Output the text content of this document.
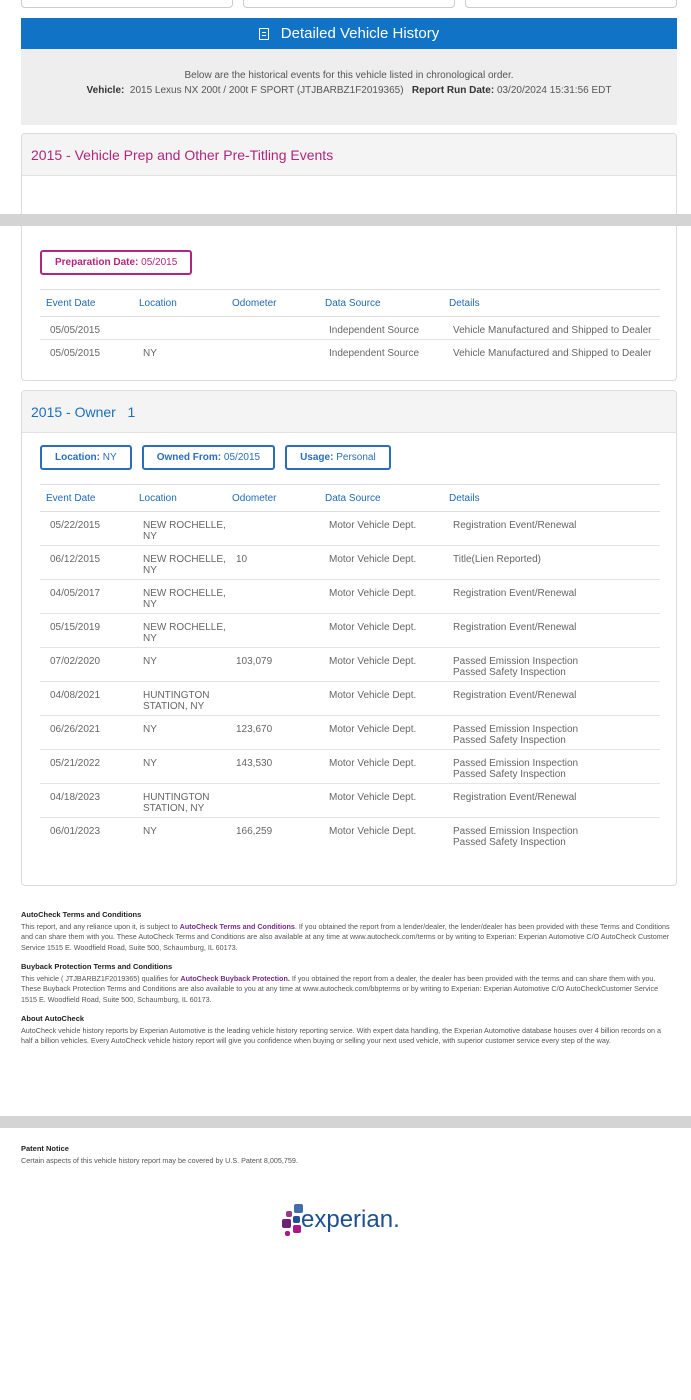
Detailed Vehicle History
Below are the historical events for this vehicle listed in chronological order.
Vehicle: 2015 Lexus NX 200t / 200t F SPORT (JTJBARBZ1F2019365) Report Run Date: 03/20/2024 15:31:56 EDT
2015 - Vehicle Prep and Other Pre-Titling Events
Preparation Date: 05/2015
Event Date	Location	Odometer	Data Source	Details
05/05/2015			Independent Source	Vehicle Manufactured and Shipped to Dealer
05/05/2015	NY		Independent Source	Vehicle Manufactured and Shipped to Dealer
2015 - Owner
1
Location: NY	Owned From: 05/2015	Usage: Personal
Event Date	Location	Odometer	Data Source	Details
05/22/2015	NEW ROCHELLE, NY		Motor Vehicle Dept.	Registration Event/Renewal

06/12/2015	NEW ROCHELLE, NY	10	Motor Vehicle Dept.	Title(Lien Reported)

04/05/2017	NEW ROCHELLE, NY		Motor Vehicle Dept.	Registration Event/Renewal

05/15/2019	NEW ROCHELLE, NY		Motor Vehicle Dept.	Registration Event/Renewal

07/02/2020	NY	103,079	Motor Vehicle Dept.	Passed Emission Inspection
Passed Safety Inspection

04/08/2021	HUNTINGTON STATION, NY		Motor Vehicle Dept.	Registration Event/Renewal

06/26/2021	NY	123,670	Motor Vehicle Dept.	Passed Emission Inspection
Passed Safety Inspection

05/21/2022	NY	143,530	Motor Vehicle Dept.	Passed Emission Inspection
Passed Safety Inspection

04/18/2023	HUNTINGTON STATION, NY		Motor Vehicle Dept.	Registration Event/Renewal

06/01/2023	NY	166,259	Motor Vehicle Dept.	Passed Emission Inspection
Passed Safety Inspection
AutoCheck Terms and Conditions

This report, and any reliance upon it, is subject to AutoCheck Terms and Conditions. If you obtained the report from a lender/dealer, the lender/dealer has been provided with these Terms and Conditions and can share them with you. These AutoCheck Terms and Conditions are also available at any time at www.autocheck.com/terms or by writing to Experian: Experian Automotive C/O AutoCheck Customer Service 1515 E. Woodfield Road, Suite 500, Schaumburg, IL 60173.

Buyback Protection Terms and Conditions

This vehicle ( JTJBARBZ1F2019365) qualifies for AutoCheck Buyback Protection. If you obtained the report from a dealer, the dealer has been provided with the terms and can share them with you. These Buyback Protection Terms and Conditions are also available to you at any time at www.autocheck.com/bbpterms or by writing to Experian: Experian Automotive C/O AutoCheckCustomer Service 1515 E. Woodfield Road, Suite 500, Schaumburg, IL 60173.

About AutoCheck

AutoCheck vehicle history reports by Experian Automotive is the leading vehicle history reporting service. With expert data handling, the Experian Automotive database houses over 4 billion records on a half a billion vehicles. Every AutoCheck vehicle history report will give you confidence when buying or selling your next used vehicle, with superior customer service every step of the way.

Patent Notice

Certain aspects of this vehicle history report may be covered by U.S. Patent 8,005,759.

experian.
